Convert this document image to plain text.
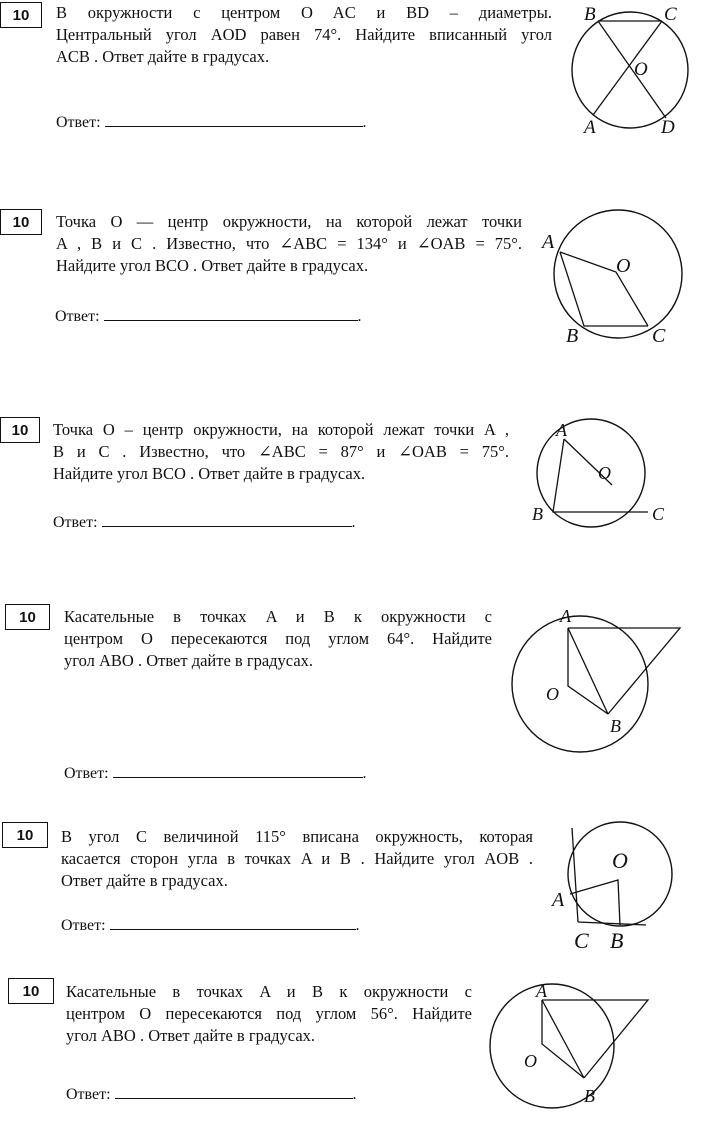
10	В окружности с центром O AC и BD – диаметры.
Центральный угол AOD равен 74°. Найдите вписанный угол
ACB . Ответ дайте в градусах.
Ответ:	.
B	C
O
A	D
10	Точка O — центр окружности, на которой лежат точки
A , B и C . Известно, что ∠ABC = 134° и ∠OAB = 75°.
Найдите угол BCO . Ответ дайте в градусах.
Ответ:	.
A
O
B	C
10	Точка O – центр окружности, на которой лежат точки A ,
B и C . Известно, что ∠ABC = 87° и ∠OAB = 75°.
Найдите угол BCO . Ответ дайте в градусах.
Ответ:	.
A
O
B	C
10	Касательные в точках A и B к окружности с
центром O пересекаются под углом 64°. Найдите
угол ABO . Ответ дайте в градусах.
Ответ:	.
A
O
B
10	В угол C величиной 115° вписана окружность, которая
касается сторон угла в точках A и B . Найдите угол AOB .
Ответ дайте в градусах.
Ответ:	.
O
A
C B
10	Касательные в точках A и B к окружности с
центром O пересекаются под углом 56°. Найдите
угол ABO . Ответ дайте в градусах.
Ответ:	.
A
O
B
